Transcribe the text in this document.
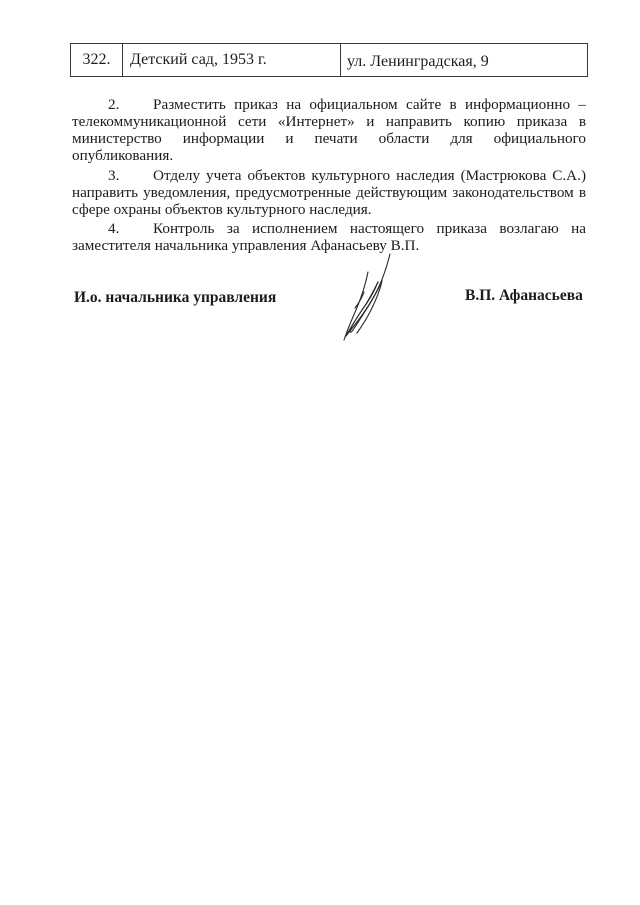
322.	Детский сад, 1953 г.	ул. Ленинградская, 9

2. Разместить приказ на официальном сайте в информационно – телекоммуникационной сети «Интернет» и направить копию приказа в министерство информации и печати области для официального опубликования.

3. Отделу учета объектов культурного наследия (Мастрюкова С.А.) направить уведомления, предусмотренные действующим законодательством в сфере охраны объектов культурного наследия.

4. Контроль за исполнением настоящего приказа возлагаю на заместителя начальника управления Афанасьеву В.П.

И.о. начальника управления	В.П. Афанасьева
